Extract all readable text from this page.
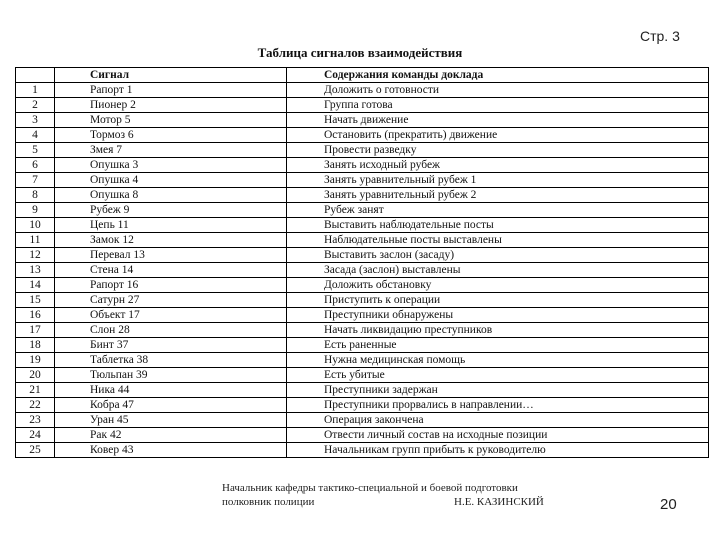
Стр. 3
Таблица сигналов взаимодействия
	Сигнал	Содержания команды доклада
1	Рапорт 1	Доложить о готовности
2	Пионер 2	Группа готова
3	Мотор 5	Начать движение
4	Тормоз 6	Остановить (прекратить) движение
5	Змея 7	Провести разведку
6	Опушка 3	Занять исходный рубеж
7	Опушка 4	Занять уравнительный рубеж 1
8	Опушка 8	Занять уравнительный рубеж 2
9	Рубеж 9	Рубеж занят
10	Цепь 11	Выставить наблюдательные посты
11	Замок 12	Наблюдательные посты выставлены
12	Перевал 13	Выставить заслон (засаду)
13	Стена 14	Засада (заслон) выставлены
14	Рапорт 16	Доложить обстановку
15	Сатурн 27	Приступить к операции
16	Объект 17	Преступники обнаружены
17	Слон 28	Начать ликвидацию преступников
18	Бинт 37	Есть раненные
19	Таблетка 38	Нужна медицинская помощь
20	Тюльпан 39	Есть убитые
21	Ника 44	Преступники задержан
22	Кобра 47	Преступники прорвались в направлении…
23	Уран 45	Операция закончена
24	Рак 42	Отвести личный состав на исходные позиции
25	Ковер 43	Начальникам групп прибыть к руководителю
Начальник кафедры тактико-специальной и боевой подготовки
полковник полиции	Н.Е. КАЗИНСКИЙ	20
